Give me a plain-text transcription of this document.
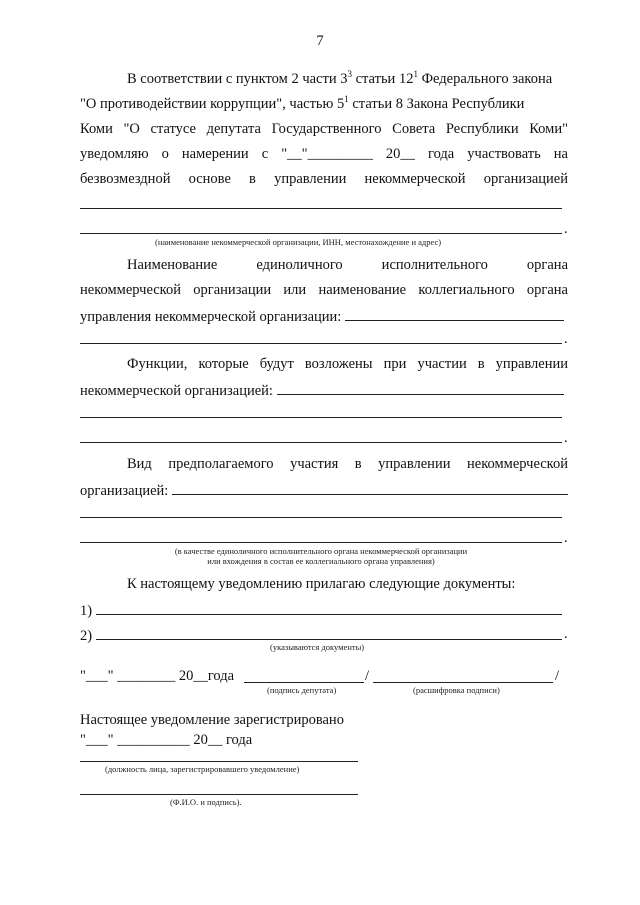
7
В соответствии с пунктом 2 части $3^3$ статьи $12^1$ Федерального закона
"О противодействии коррупции", частью $5^1$ статьи 8 Закона Республики
Коми "О статусе депутата Государственного Совета Республики Коми"
уведомляю о намерении с "__"_________ 20__ года участвовать на
безвозмездной основе в управлении некоммерческой организацией
.
(наименование некоммерческой организации, ИНН, местонахождение и адрес)
Наименование единоличного исполнительного органа
некоммерческой организации или наименование коллегиального органа
управления некоммерческой организации:
.
Функции, которые будут возложены при участии в управлении
некоммерческой организацией:
.
Вид предполагаемого участия в управлении некоммерческой
организацией:
.
(в качестве единоличного исполнительного органа некоммерческой организации
или вхождения в состав ее коллегиального органа управления)
К настоящему уведомлению прилагаю следующие документы:
1)
2)	.
(указываются документы)
"___" ________ 20__года	/	/
(подпись депутата)	(расшифровка подписи)
Настоящее уведомление зарегистрировано
"___" __________ 20__ года
(должность лица, зарегистрировавшего уведомление)
(Ф.И.О. и подпись).
